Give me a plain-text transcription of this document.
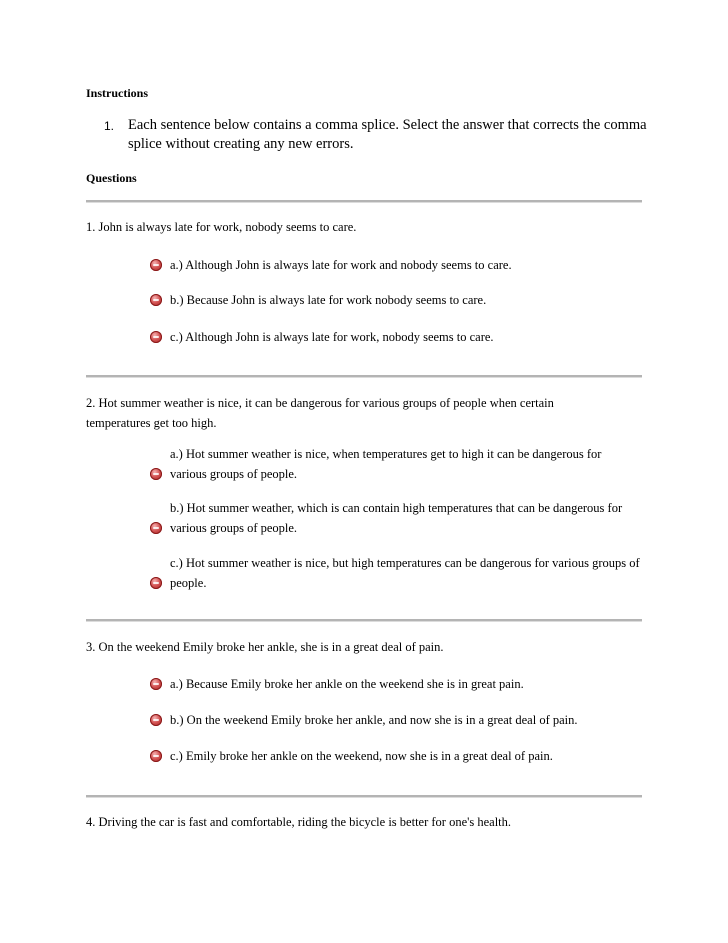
Instructions
1. Each sentence below contains a comma splice. Select the answer that corrects the comma splice without creating any new errors.
Questions
1. John is always late for work, nobody seems to care.
a.) Although John is always late for work and nobody seems to care.
b.) Because John is always late for work nobody seems to care.
c.) Although John is always late for work, nobody seems to care.
2. Hot summer weather is nice, it can be dangerous for various groups of people when certain temperatures get too high.
a.) Hot summer weather is nice, when temperatures get to high it can be dangerous for various groups of people.
b.) Hot summer weather, which is can contain high temperatures that can be dangerous for various groups of people.
c.) Hot summer weather is nice, but high temperatures can be dangerous for various groups of people.
3. On the weekend Emily broke her ankle, she is in a great deal of pain.
a.) Because Emily broke her ankle on the weekend she is in great pain.
b.) On the weekend Emily broke her ankle, and now she is in a great deal of pain.
c.) Emily broke her ankle on the weekend, now she is in a great deal of pain.
4. Driving the car is fast and comfortable, riding the bicycle is better for one's health.
